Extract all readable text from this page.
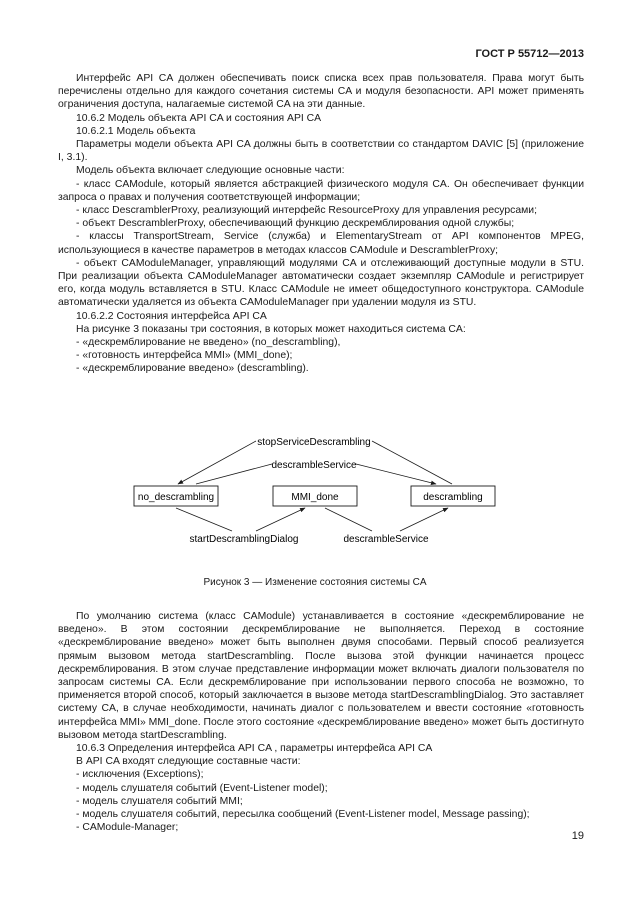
ГОСТ Р 55712—2013

Интерфейс API CA должен обеспечивать поиск списка всех прав пользователя. Права могут быть перечислены отдельно для каждого сочетания системы CA и модуля безопасности. API может применять ограничения доступа, налагаемые системой CA на эти данные.

10.6.2 Модель объекта API CA и состояния API CA

10.6.2.1 Модель объекта

Параметры модели объекта API CA должны быть в соответствии со стандартом DAVIC [5] (приложение I, 3.1).

Модель объекта включает следующие основные части:

- класс CAModule, который является абстракцией физического модуля CA. Он обеспечивает функции запроса о правах и получения соответствующей информации;

- класс DescramblerProxy, реализующий интерфейс ResourceProxy для управления ресурсами;

- объект DescramblerProxy, обеспечивающий функцию дескремблирования одной службы;

- классы TransportStream, Service (служба) и ElementaryStream от API компонентов MPEG, использующиеся в качестве параметров в методах классов CAModule и DescramblerProxy;

- объект CAModuleManager, управляющий модулями CA и отслеживающий доступные модули в STU. При реализации объекта CAModuleManager автоматически создает экземпляр CAModule и регистрирует его, когда модуль вставляется в STU. Класс CAModule не имеет общедоступного конструктора. CAModule автоматически удаляется из объекта CAModuleManager при удалении модуля из STU.

10.6.2.2 Состояния интерфейса API CA

На рисунке 3 показаны три состояния, в которых может находиться система CA:

- «дескремблирование не введено» (no_descrambling),

- «готовность интерфейса MMI» (MMI_done);

- «дескремблирование введено» (descrambling).

no_descrambling	MMI_done	descrambling
stopServiceDescrambling
descrambleService
startDescramblingDialog	descrambleService
Рисунок 3 — Изменение состояния системы CA

По умолчанию система (класс CAModule) устанавливается в состояние «дескремблирование не введено». В этом состоянии дескремблирование не выполняется. Переход в состояние «дескремблирование введено» может быть выполнен двумя способами. Первый способ реализуется прямым вызовом метода startDescrambling. После вызова этой функции начинается процесс дескремблирования. В этом случае представление информации может включать диалоги пользователя по запросам системы CA. Если дескремблирование при использовании первого способа не возможно, то применяется второй способ, который заключается в вызове метода startDescramblingDialog. Это заставляет систему CA, в случае необходимости, начинать диалог с пользователем и ввести состояние «готовность интерфейса MMI» MMI_done. После этого состояние «дескремблирование введено» может быть достигнуто вызовом метода startDescrambling.

10.6.3 Определения интерфейса API CA , параметры интерфейса API CA

В API CA входят следующие составные части:

- исключения (Exceptions);

- модель слушателя событий (Event-Listener model);

- модель слушателя событий MMI;

- модель слушателя событий, пересылка сообщений (Event-Listener model, Message passing);

- CAModule-Manager;

19
